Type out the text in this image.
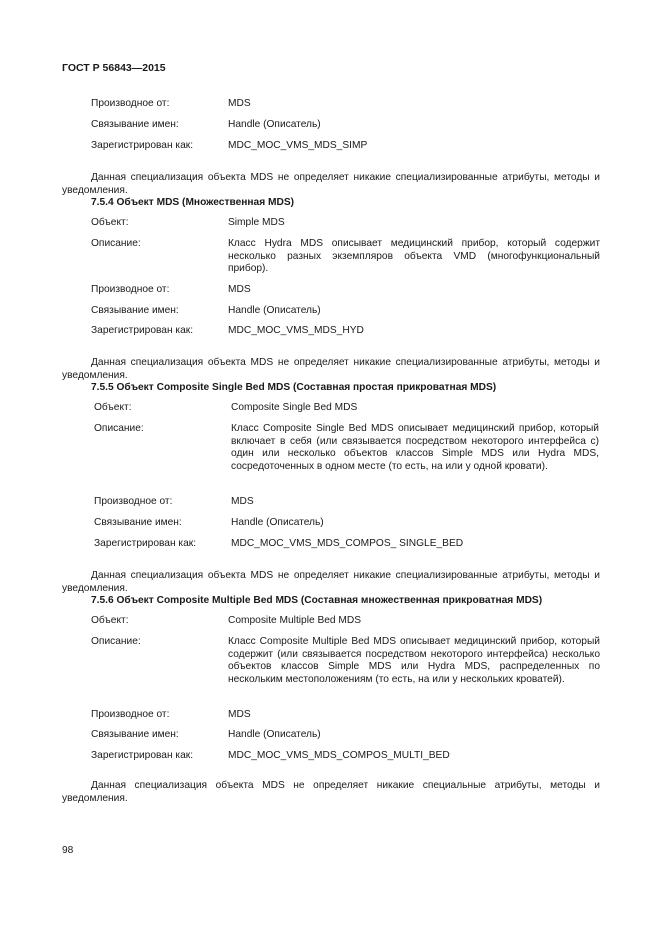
ГОСТ Р 56843—2015
Производное от:	MDS
Связывание имен:	Handle (Описатель)
Зарегистрирован как:	MDC_MOC_VMS_MDS_SIMP
Данная специализация объекта MDS не определяет никакие специализированные атрибуты, методы и уведомления.
7.5.4 Объект MDS (Множественная MDS)
Объект:	Simple MDS
Описание:	Класс Hydra MDS описывает медицинский прибор, который содержит несколько разных экземпляров объекта VMD (многофункциональный прибор).
Производное от:	MDS
Связывание имен:	Handle (Описатель)
Зарегистрирован как:	MDC_MOC_VMS_MDS_HYD
Данная специализация объекта MDS не определяет никакие специализированные атрибуты, методы и уведомления.
7.5.5 Объект Composite Single Bed MDS (Составная простая прикроватная MDS)
Объект:	Composite Single Bed MDS
Описание:	Класс Composite Single Bed MDS описывает медицинский прибор, который включает в себя (или связывается посредством некоторого интерфейса с) один или несколько объектов классов Simple MDS или Hydra MDS, сосредоточенных в одном месте (то есть, на или у одной кровати).
Производное от:	MDS
Связывание имен:	Handle (Описатель)
Зарегистрирован как:	MDC_MOC_VMS_MDS_COMPOS_ SINGLE_BED
Данная специализация объекта MDS не определяет никакие специализированные атрибуты, методы и уведомления.
7.5.6 Объект Composite Multiple Bed MDS (Составная множественная прикроватная MDS)
Объект:	Composite Multiple Bed MDS
Описание:	Класс Composite Multiple Bed MDS описывает медицинский прибор, который содержит (или связывается посредством некоторого интерфейса) несколько объектов классов Simple MDS или Hydra MDS, распределенных по нескольким местоположениям (то есть, на или у нескольких кроватей).
Производное от:	MDS
Связывание имен:	Handle (Описатель)
Зарегистрирован как:	MDC_MOC_VMS_MDS_COMPOS_MULTI_BED
Данная специализация объекта MDS не определяет никакие специальные атрибуты, методы и уведомления.
98
